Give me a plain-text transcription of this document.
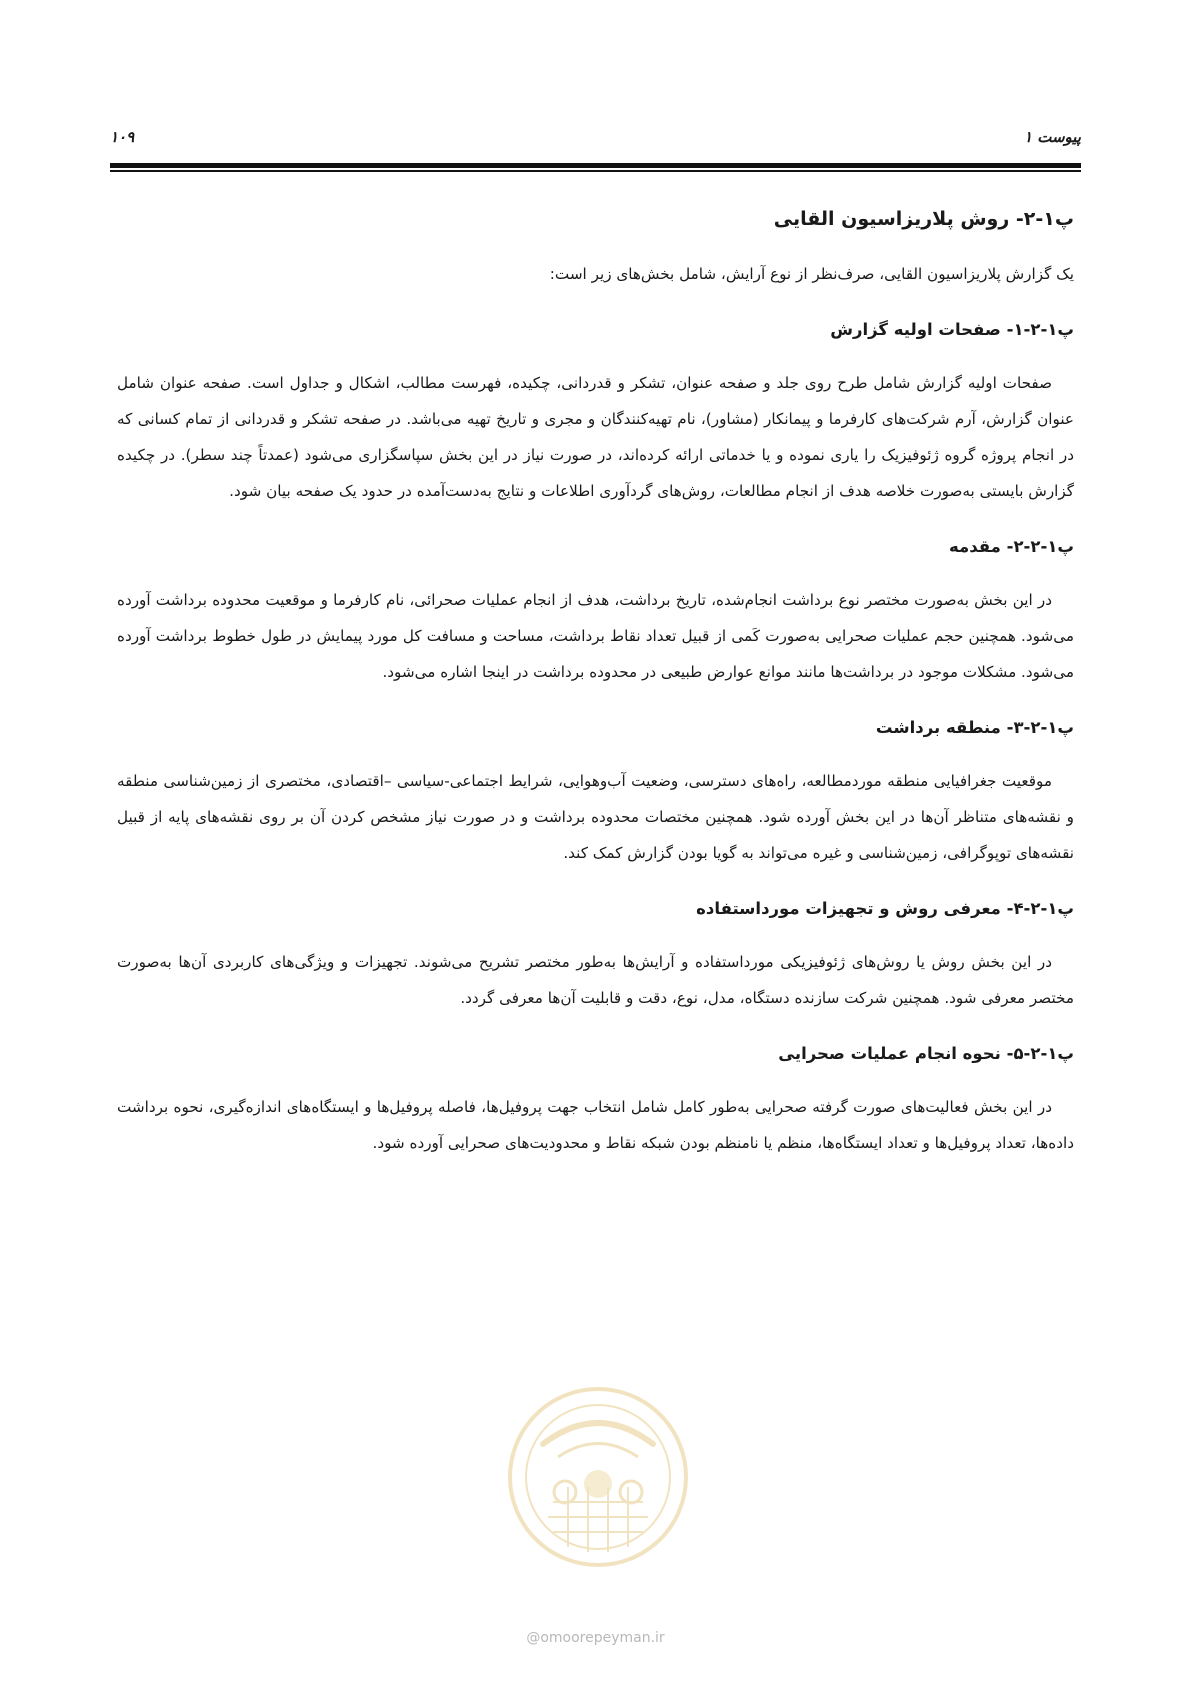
پیوست ۱
۱۰۹
پ۱-۲- روش پلاریزاسیون القایی

یک گزارش پلاریزاسیون القایی، صرف‌نظر از نوع آرایش، شامل بخش‌های زیر است:

پ۱-۲-۱- صفحات اولیه گزارش

صفحات اولیه گزارش شامل طرح روی جلد و صفحه عنوان، تشکر و قدردانی، چکیده، فهرست مطالب، اشکال و جداول است. صفحه عنوان شامل عنوان گزارش، آرم شرکت‌های کارفرما و پیمانکار (مشاور)، نام تهیه‌کنندگان و مجری و تاریخ تهیه می‌باشد. در صفحه تشکر و قدردانی از تمام کسانی که در انجام پروژه گروه ژئوفیزیک را یاری نموده و یا خدماتی ارائه کرده‌اند، در صورت نیاز در این بخش سپاسگزاری می‌شود (عمدتاً چند سطر). در چکیده گزارش بایستی به‌صورت خلاصه هدف از انجام مطالعات، روش‌های گردآوری اطلاعات و نتایج به‌دست‌آمده در حدود یک صفحه بیان شود.

پ۱-۲-۲- مقدمه

در این بخش به‌صورت مختصر نوع برداشت انجام‌شده، تاریخ برداشت، هدف از انجام عملیات صحرائی، نام کارفرما و موقعیت محدوده برداشت آورده می‌شود. همچنین حجم عملیات صحرایی به‌صورت کَمی از قبیل تعداد نقاط برداشت، مساحت و مسافت کل مورد پیمایش در طول خطوط برداشت آورده می‌شود. مشکلات موجود در برداشت‌ها مانند موانع عوارض طبیعی در محدوده برداشت در اینجا اشاره می‌شود.

پ۱-۲-۳- منطقه برداشت

موقعیت جغرافیایی منطقه موردمطالعه، راه‌های دسترسی، وضعیت آب‌وهوایی، شرایط اجتماعی-سیاسی –اقتصادی، مختصری از زمین‌شناسی منطقه و نقشه‌های متناظر آن‌ها در این بخش آورده شود. همچنین مختصات محدوده برداشت و در صورت نیاز مشخص کردن آن بر روی نقشه‌های پایه از قبیل نقشه‌های توپوگرافی، زمین‌شناسی و غیره می‌تواند به گویا بودن گزارش کمک کند.

پ۱-۲-۴- معرفی روش و تجهیزات مورداستفاده

در این بخش روش یا روش‌های ژئوفیزیکی مورداستفاده و آرایش‌ها به‌طور مختصر تشریح می‌شوند. تجهیزات و ویژگی‌های کاربردی آن‌ها به‌صورت مختصر معرفی شود. همچنین شرکت سازنده دستگاه، مدل، نوع، دقت و قابلیت آن‌ها معرفی گردد.

پ۱-۲-۵- نحوه انجام عملیات صحرایی

در این بخش فعالیت‌های صورت گرفته صحرایی به‌طور کامل شامل انتخاب جهت پروفیل‌ها، فاصله پروفیل‌ها و ایستگاه‌های اندازه‌گیری، نحوه برداشت داده‌ها، تعداد پروفیل‌ها و تعداد ایستگاه‌ها، منظم یا نامنظم بودن شبکه نقاط و محدودیت‌های صحرایی آورده شود.

@omoorepeyman.ir
